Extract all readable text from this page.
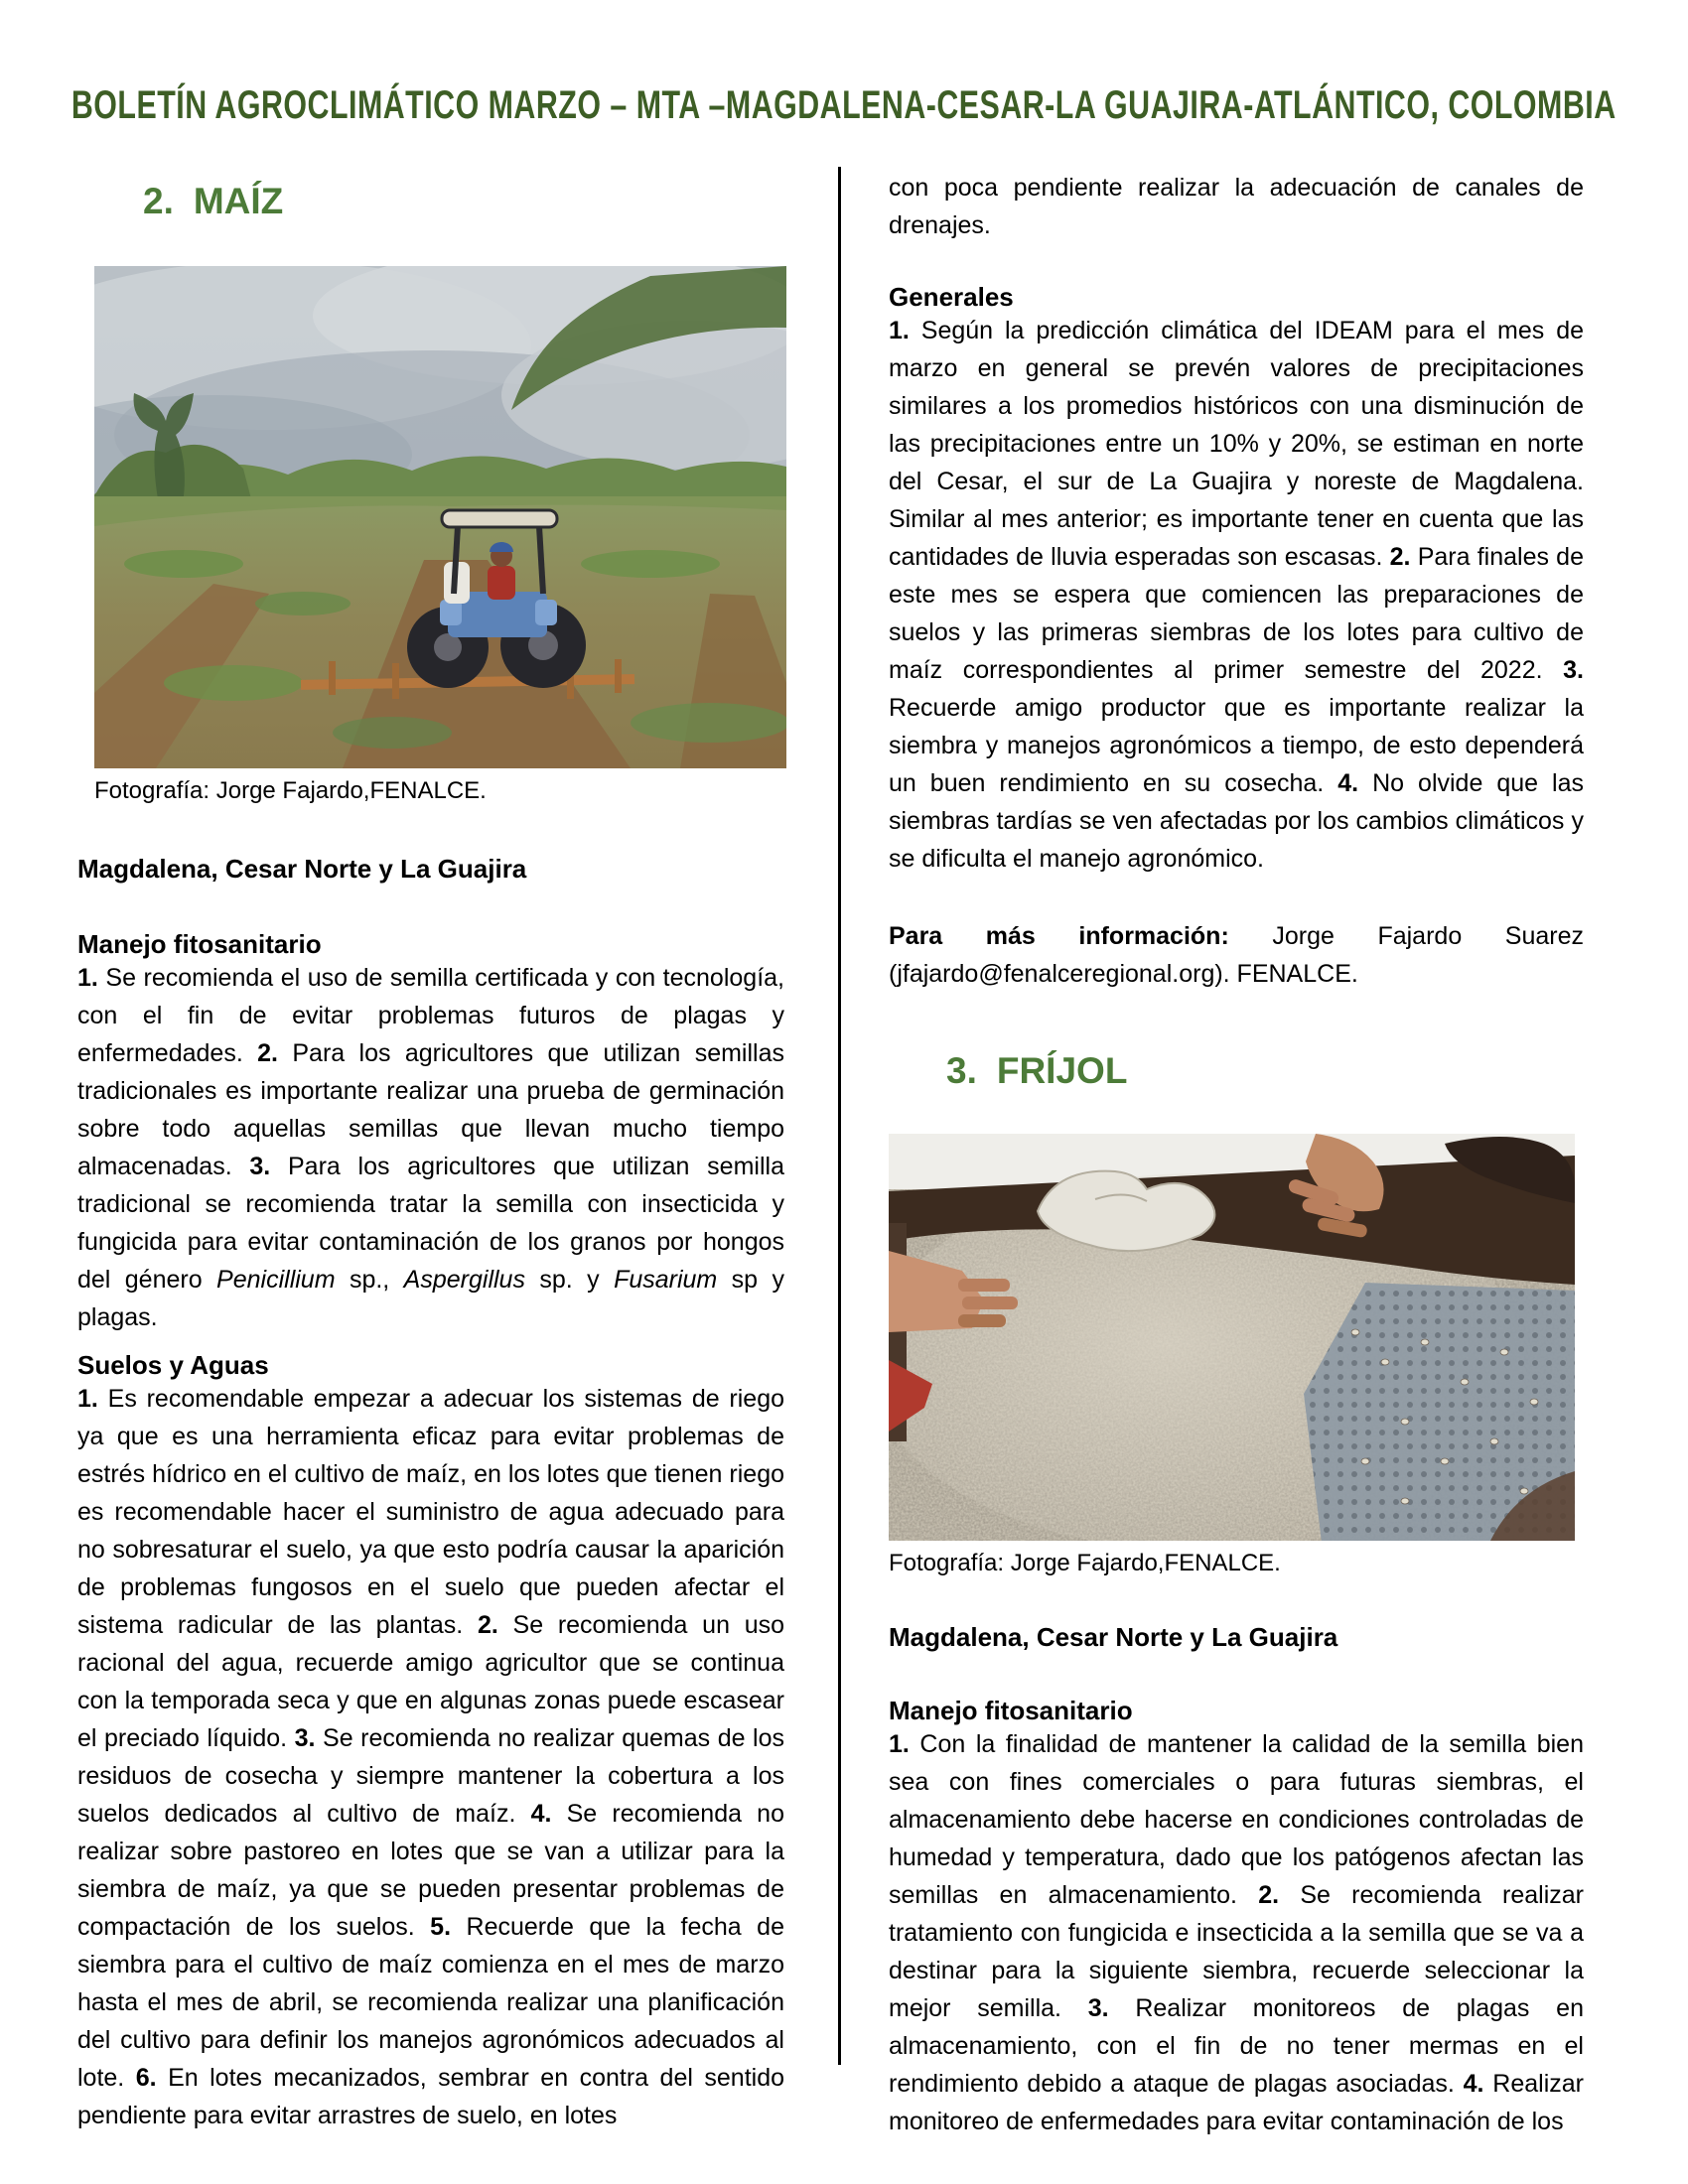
BOLETÍN AGROCLIMÁTICO MARZO – MTA –MAGDALENA-CESAR-LA GUAJIRA-ATLÁNTICO, COLOMBIA
2. MAÍZ
Fotografía: Jorge Fajardo,FENALCE.
Magdalena, Cesar Norte y La Guajira
Manejo fitosanitario

1. Se recomienda el uso de semilla certificada y con tecnología, con el fin de evitar problemas futuros de plagas y enfermedades. 2. Para los agricultores que utilizan semillas tradicionales es importante realizar una prueba de germinación sobre todo aquellas semillas que llevan mucho tiempo almacenadas. 3. Para los agricultores que utilizan semilla tradicional se recomienda tratar la semilla con insecticida y fungicida para evitar contaminación de los granos por hongos del género Penicillium sp., Aspergillus sp. y Fusarium sp y plagas.

Suelos y Aguas

1. Es recomendable empezar a adecuar los sistemas de riego ya que es una herramienta eficaz para evitar problemas de estrés hídrico en el cultivo de maíz, en los lotes que tienen riego es recomendable hacer el suministro de agua adecuado para no sobresaturar el suelo, ya que esto podría causar la aparición de problemas fungosos en el suelo que pueden afectar el sistema radicular de las plantas. 2. Se recomienda un uso racional del agua, recuerde amigo agricultor que se continua con la temporada seca y que en algunas zonas puede escasear el preciado líquido. 3. Se recomienda no realizar quemas de los residuos de cosecha y siempre mantener la cobertura a los suelos dedicados al cultivo de maíz. 4. Se recomienda no realizar sobre pastoreo en lotes que se van a utilizar para la siembra de maíz, ya que se pueden presentar problemas de compactación de los suelos. 5. Recuerde que la fecha de siembra para el cultivo de maíz comienza en el mes de marzo hasta el mes de abril, se recomienda realizar una planificación del cultivo para definir los manejos agronómicos adecuados al lote. 6. En lotes mecanizados, sembrar en contra del sentido pendiente para evitar arrastres de suelo, en lotes

con poca pendiente realizar la adecuación de canales de drenajes.

Generales

1. Según la predicción climática del IDEAM para el mes de marzo en general se prevén valores de precipitaciones similares a los promedios históricos con una disminución de las precipitaciones entre un 10% y 20%, se estiman en norte del Cesar, el sur de La Guajira y noreste de Magdalena. Similar al mes anterior; es importante tener en cuenta que las cantidades de lluvia esperadas son escasas. 2. Para finales de este mes se espera que comiencen las preparaciones de suelos y las primeras siembras de los lotes para cultivo de maíz correspondientes al primer semestre del 2022. 3. Recuerde amigo productor que es importante realizar la siembra y manejos agronómicos a tiempo, de esto dependerá un buen rendimiento en su cosecha. 4. No olvide que las siembras tardías se ven afectadas por los cambios climáticos y se dificulta el manejo agronómico.

Para más información: Jorge Fajardo Suarez (jfajardo@fenalceregional.org). FENALCE.

3. FRÍJOL
Fotografía: Jorge Fajardo,FENALCE.
Magdalena, Cesar Norte y La Guajira
Manejo fitosanitario

1. Con la finalidad de mantener la calidad de la semilla bien sea con fines comerciales o para futuras siembras, el almacenamiento debe hacerse en condiciones controladas de humedad y temperatura, dado que los patógenos afectan las semillas en almacenamiento. 2. Se recomienda realizar tratamiento con fungicida e insecticida a la semilla que se va a destinar para la siguiente siembra, recuerde seleccionar la mejor semilla. 3. Realizar monitoreos de plagas en almacenamiento, con el fin de no tener mermas en el rendimiento debido a ataque de plagas asociadas. 4. Realizar monitoreo de enfermedades para evitar contaminación de los
